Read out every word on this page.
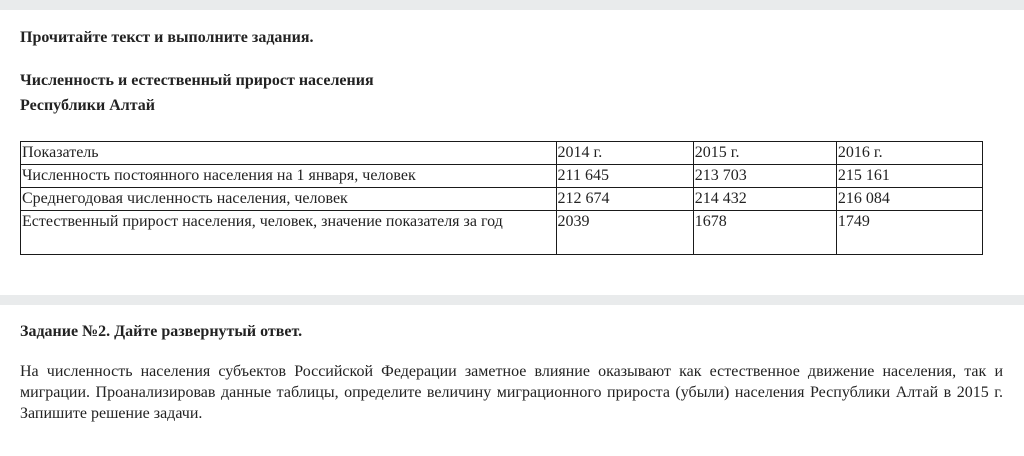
Прочитайте текст и выполните задания.

Численность и естественный прирост населения
Республики Алтай

Показатель	2014 г.	2015 г.	2016 г.
Численность постоянного населения на 1 января, человек	211 645	213 703	215 161
Среднегодовая численность населения, человек	212 674	214 432	216 084
Естественный прирост населения, человек, значение показателя за год	2039	1678	1749

Задание №2. Дайте развернутый ответ.

На численность населения субъектов Российской Федерации заметное влияние оказывают как естественное движение населения, так и миграции. Проанализировав данные таблицы, определите величину миграционного прироста (убыли) населения Республики Алтай в 2015 г. Запишите решение задачи.
